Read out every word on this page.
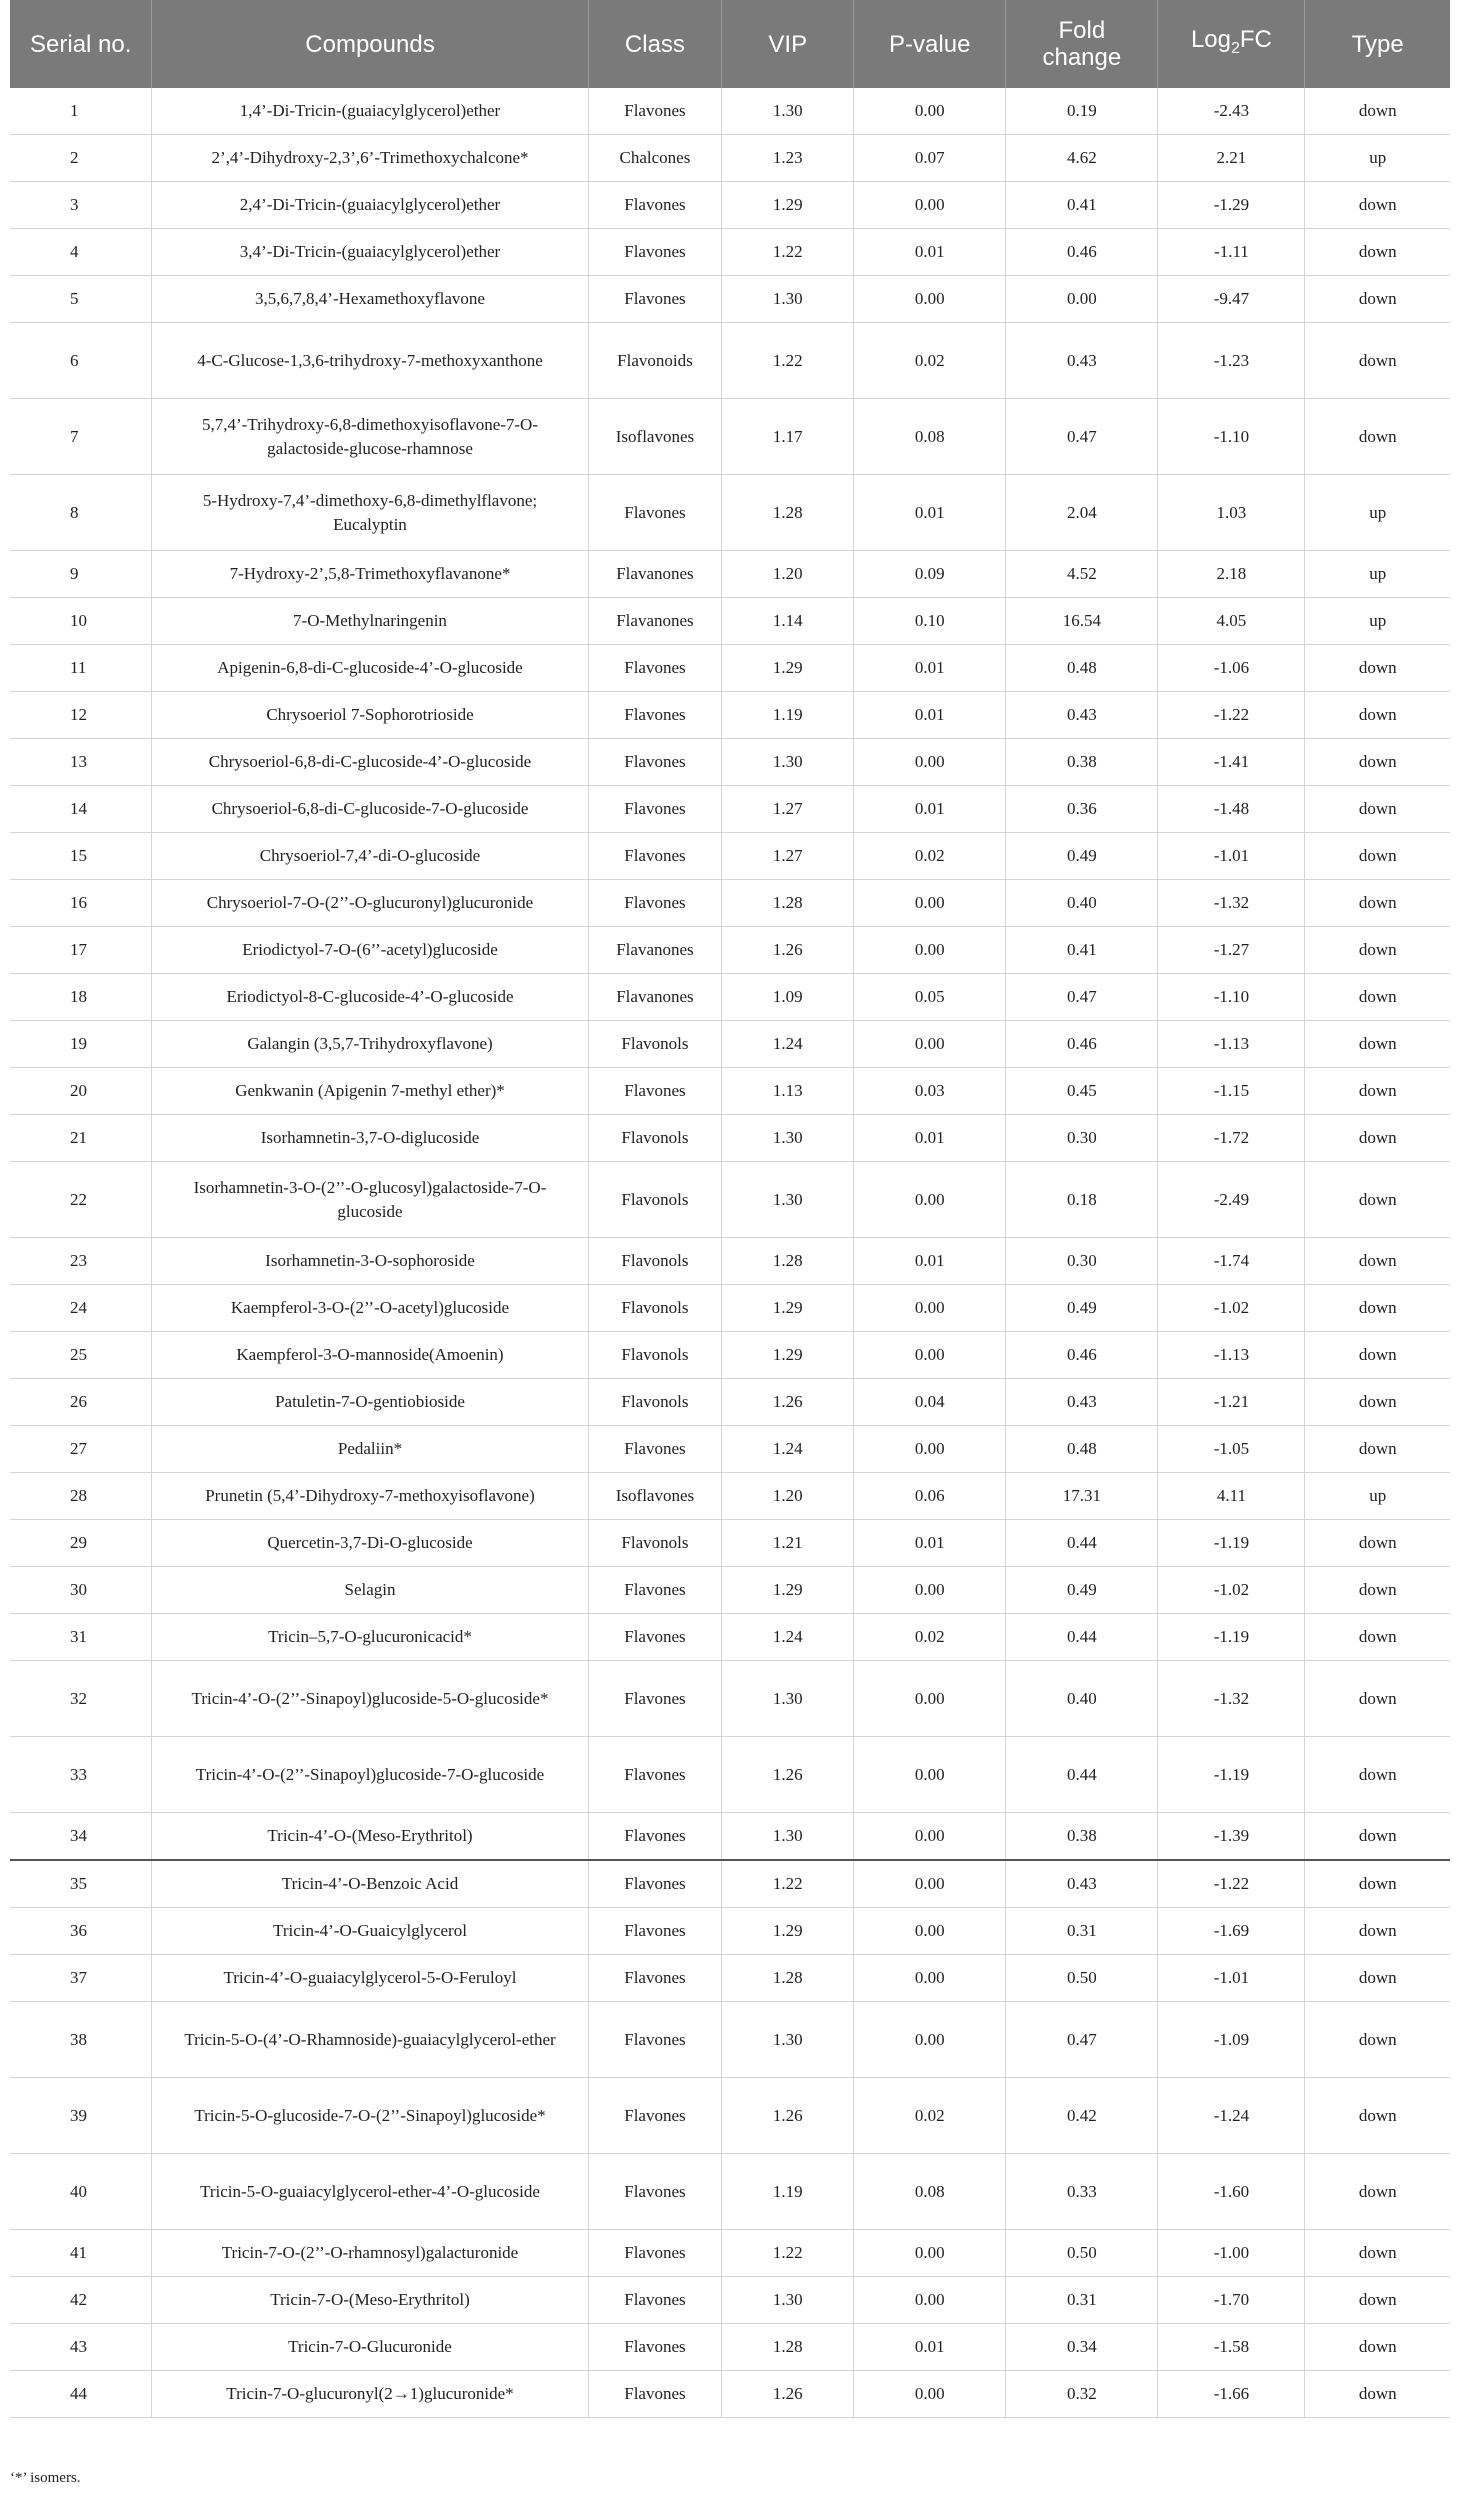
Serial no.	Compounds	Class	VIP	P-value	Fold change	Log$_2$FC	Type
1	1,4’-Di-Tricin-(guaiacylglycerol)ether	Flavones	1.30	0.00	0.19	-2.43	down
2	2’,4’-Dihydroxy-2,3’,6’-Trimethoxychalcone*	Chalcones	1.23	0.07	4.62	2.21	up
3	2,4’-Di-Tricin-(guaiacylglycerol)ether	Flavones	1.29	0.00	0.41	-1.29	down
4	3,4’-Di-Tricin-(guaiacylglycerol)ether	Flavones	1.22	0.01	0.46	-1.11	down
5	3,5,6,7,8,4’-Hexamethoxyflavone	Flavones	1.30	0.00	0.00	-9.47	down
6	4-C-Glucose-1,3,6-trihydroxy-7-methoxyxanthone	Flavonoids	1.22	0.02	0.43	-1.23	down
7	5,7,4’-Trihydroxy-6,8-dimethoxyisoflavone-7-O-galactoside-glucose-rhamnose	Isoflavones	1.17	0.08	0.47	-1.10	down
8	5-Hydroxy-7,4’-dimethoxy-6,8-dimethylflavone; Eucalyptin	Flavones	1.28	0.01	2.04	1.03	up
9	7-Hydroxy-2’,5,8-Trimethoxyflavanone*	Flavanones	1.20	0.09	4.52	2.18	up
10	7-O-Methylnaringenin	Flavanones	1.14	0.10	16.54	4.05	up
11	Apigenin-6,8-di-C-glucoside-4’-O-glucoside	Flavones	1.29	0.01	0.48	-1.06	down
12	Chrysoeriol 7-Sophorotrioside	Flavones	1.19	0.01	0.43	-1.22	down
13	Chrysoeriol-6,8-di-C-glucoside-4’-O-glucoside	Flavones	1.30	0.00	0.38	-1.41	down
14	Chrysoeriol-6,8-di-C-glucoside-7-O-glucoside	Flavones	1.27	0.01	0.36	-1.48	down
15	Chrysoeriol-7,4’-di-O-glucoside	Flavones	1.27	0.02	0.49	-1.01	down
16	Chrysoeriol-7-O-(2’’-O-glucuronyl)glucuronide	Flavones	1.28	0.00	0.40	-1.32	down
17	Eriodictyol-7-O-(6’’-acetyl)glucoside	Flavanones	1.26	0.00	0.41	-1.27	down
18	Eriodictyol-8-C-glucoside-4’-O-glucoside	Flavanones	1.09	0.05	0.47	-1.10	down
19	Galangin (3,5,7-Trihydroxyflavone)	Flavonols	1.24	0.00	0.46	-1.13	down
20	Genkwanin (Apigenin 7-methyl ether)*	Flavones	1.13	0.03	0.45	-1.15	down
21	Isorhamnetin-3,7-O-diglucoside	Flavonols	1.30	0.01	0.30	-1.72	down
22	Isorhamnetin-3-O-(2’’-O-glucosyl)galactoside-7-O-glucoside	Flavonols	1.30	0.00	0.18	-2.49	down
23	Isorhamnetin-3-O-sophoroside	Flavonols	1.28	0.01	0.30	-1.74	down
24	Kaempferol-3-O-(2’’-O-acetyl)glucoside	Flavonols	1.29	0.00	0.49	-1.02	down
25	Kaempferol-3-O-mannoside(Amoenin)	Flavonols	1.29	0.00	0.46	-1.13	down
26	Patuletin-7-O-gentiobioside	Flavonols	1.26	0.04	0.43	-1.21	down
27	Pedaliin*	Flavones	1.24	0.00	0.48	-1.05	down
28	Prunetin (5,4’-Dihydroxy-7-methoxyisoflavone)	Isoflavones	1.20	0.06	17.31	4.11	up
29	Quercetin-3,7-Di-O-glucoside	Flavonols	1.21	0.01	0.44	-1.19	down
30	Selagin	Flavones	1.29	0.00	0.49	-1.02	down
31	Tricin–5,7-O-glucuronicacid*	Flavones	1.24	0.02	0.44	-1.19	down
32	Tricin-4’-O-(2’’-Sinapoyl)glucoside-5-O-glucoside*	Flavones	1.30	0.00	0.40	-1.32	down
33	Tricin-4’-O-(2’’-Sinapoyl)glucoside-7-O-glucoside	Flavones	1.26	0.00	0.44	-1.19	down
34	Tricin-4’-O-(Meso-Erythritol)	Flavones	1.30	0.00	0.38	-1.39	down
35	Tricin-4’-O-Benzoic Acid	Flavones	1.22	0.00	0.43	-1.22	down
36	Tricin-4’-O-Guaicylglycerol	Flavones	1.29	0.00	0.31	-1.69	down
37	Tricin-4’-O-guaiacylglycerol-5-O-Feruloyl	Flavones	1.28	0.00	0.50	-1.01	down
38	Tricin-5-O-(4’-O-Rhamnoside)-guaiacylglycerol-ether	Flavones	1.30	0.00	0.47	-1.09	down
39	Tricin-5-O-glucoside-7-O-(2’’-Sinapoyl)glucoside*	Flavones	1.26	0.02	0.42	-1.24	down
40	Tricin-5-O-guaiacylglycerol-ether-4’-O-glucoside	Flavones	1.19	0.08	0.33	-1.60	down
41	Tricin-7-O-(2’’-O-rhamnosyl)galacturonide	Flavones	1.22	0.00	0.50	-1.00	down
42	Tricin-7-O-(Meso-Erythritol)	Flavones	1.30	0.00	0.31	-1.70	down
43	Tricin-7-O-Glucuronide	Flavones	1.28	0.01	0.34	-1.58	down
44	Tricin-7-O-glucuronyl(2→1)glucuronide*	Flavones	1.26	0.00	0.32	-1.66	down
‘*’ isomers.
